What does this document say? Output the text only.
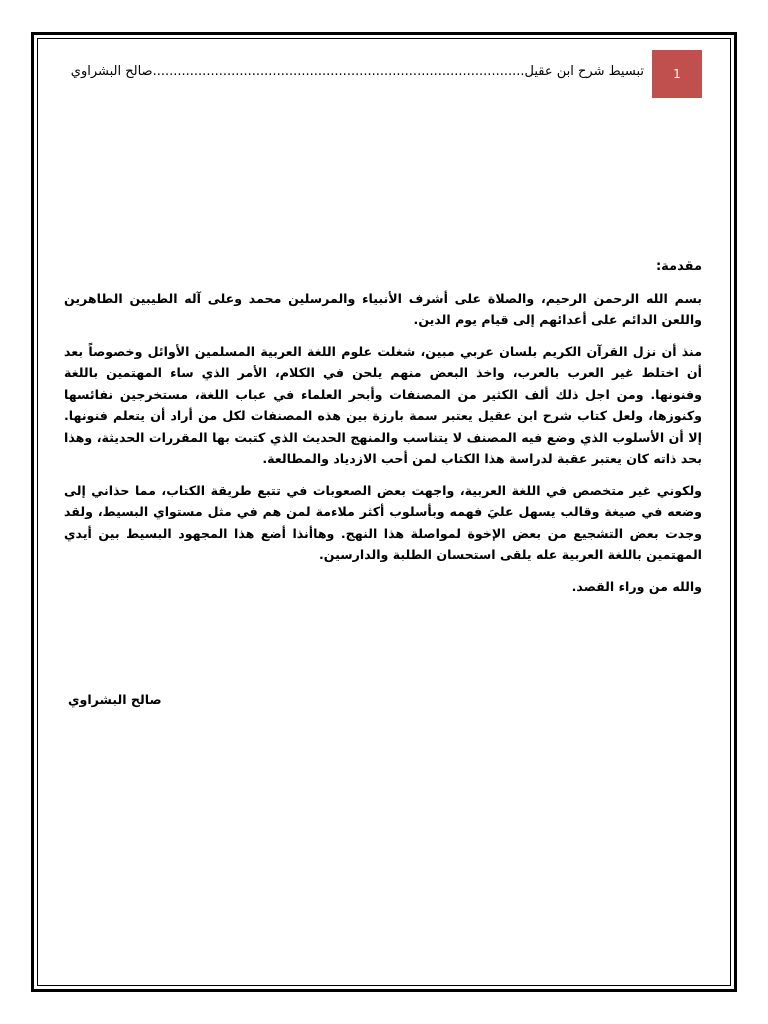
1
صالح البشراوي..........................................................................................تبسيط شرح ابن عقيل

مقدمة:

بسم الله الرحمن الرحيم، والصلاة على أشرف الأنبياء والمرسلين محمد وعلى آله الطيبين الطاهرين واللعن الدائم على أعدائهم إلى قيام يوم الدين.

منذ أن نزل القرآن الكريم بلسان عربي مبين، شغلت علوم اللغة العربية المسلمين الأوائل وخصوصاً بعد أن اختلط غير العرب بالعرب، واخذ البعض منهم يلحن في الكلام، الأمر الذي ساء المهتمين باللغة وفنونها. ومن اجل ذلك ألف الكثير من المصنفات وأبحر العلماء في عباب اللغة، مستخرجين نفائسها وكنوزها، ولعل كتاب شرح ابن عقيل يعتبر سمة بارزة بين هذه المصنفات لكل من أراد أن يتعلم فنونها. إلا أن الأسلوب الذي وضع فيه المصنف لا يتناسب والمنهج الحديث الذي كتبت بها المقررات الحديثة، وهذا بحد ذاته كان يعتبر عقبة لدراسة هذا الكتاب لمن أحب الازدياد والمطالعة.

ولكوني غير متخصص في اللغة العربية، واجهت بعض الصعوبات في تتبع طريقة الكتاب، مما حذاني إلى وضعه في صيغة وقالب يسهل عليَ فهمه وبأسلوب أكثر ملاءمة لمن هم في مثل مستواي البسيط، ولقد وجدت بعض التشجيع من بعض الإخوة لمواصلة هذا النهج. وهاأنذا أضع هذا المجهود البسيط بين أيدي المهتمين باللغة العربية عله يلقى استحسان الطلبة والدارسين.

والله من وراء القصد.

صالح البشراوي
